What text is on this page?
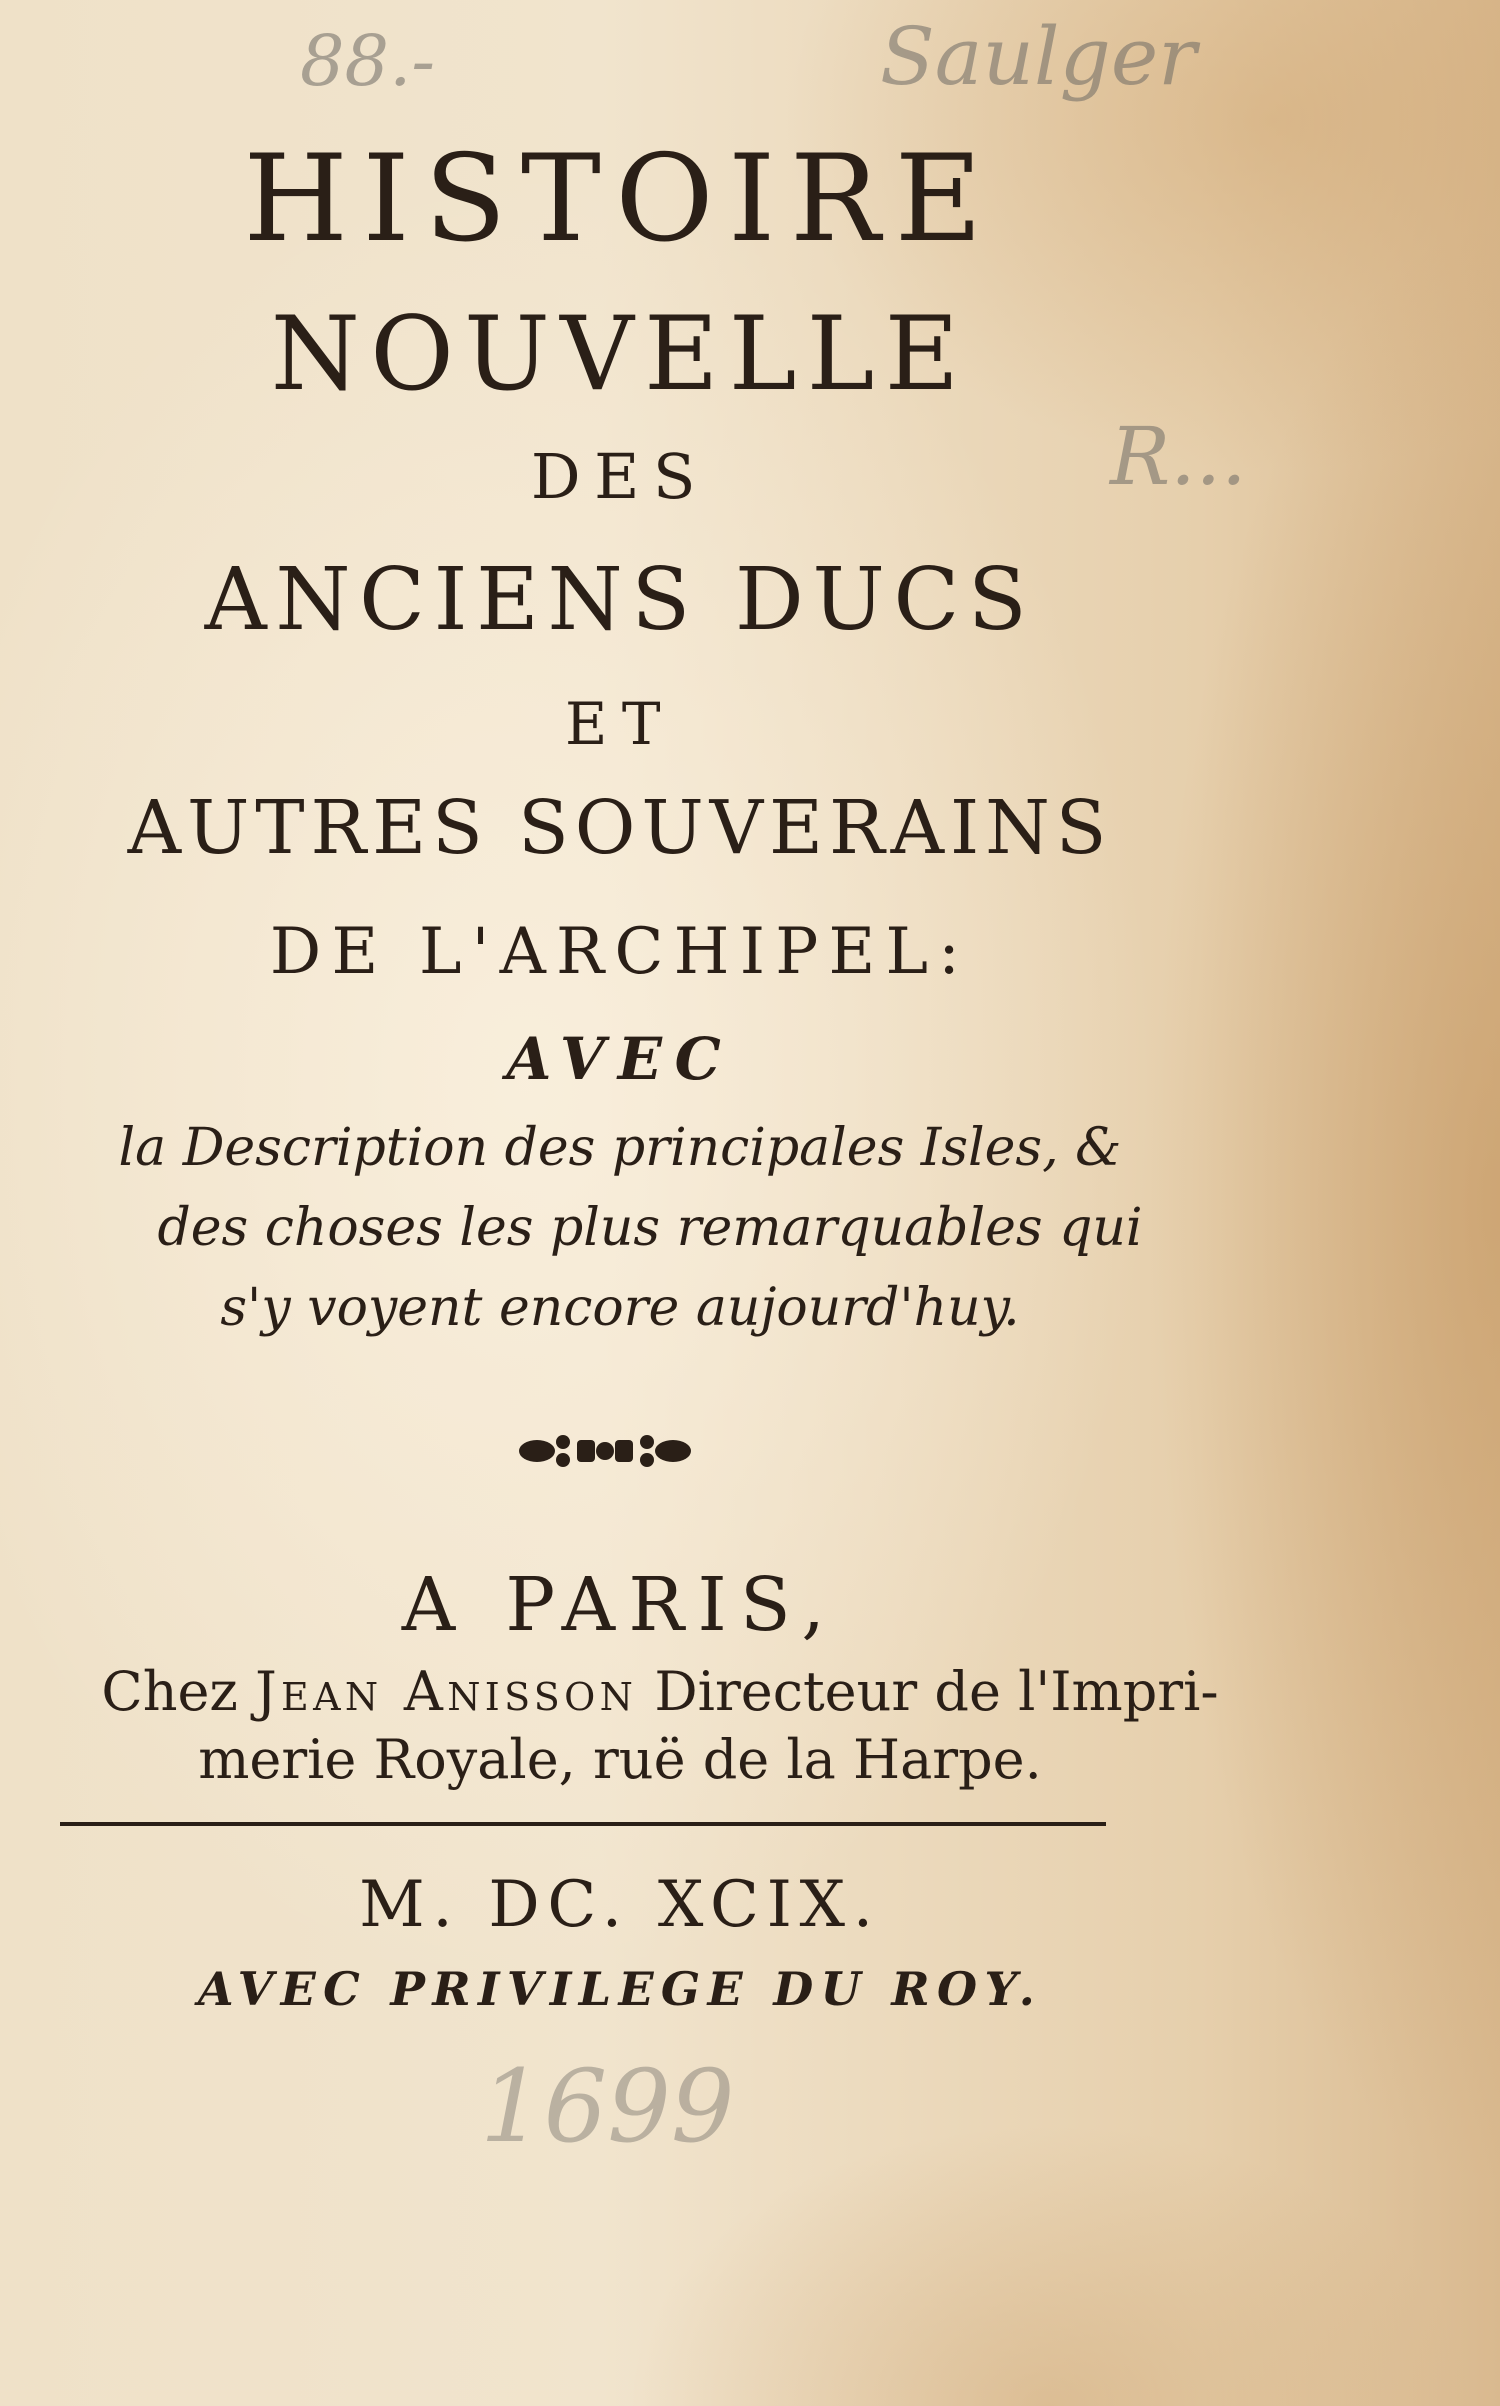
88.-	Saulger
R...
HISTOIRE
NOUVELLE
DES
ANCIENS DUCS
ET
AUTRES SOUVERAINS
DE L'ARCHIPEL:
AVEC
la Description des principales Isles, &
des choses les plus remarquables qui
s'y voyent encore aujourd'huy.
A PARIS,
Chez Jean Anisson Directeur de l'Impri-
merie Royale, ruë de la Harpe.
M. DC. XCIX.
AVEC PRIVILEGE DU ROY.
1699
